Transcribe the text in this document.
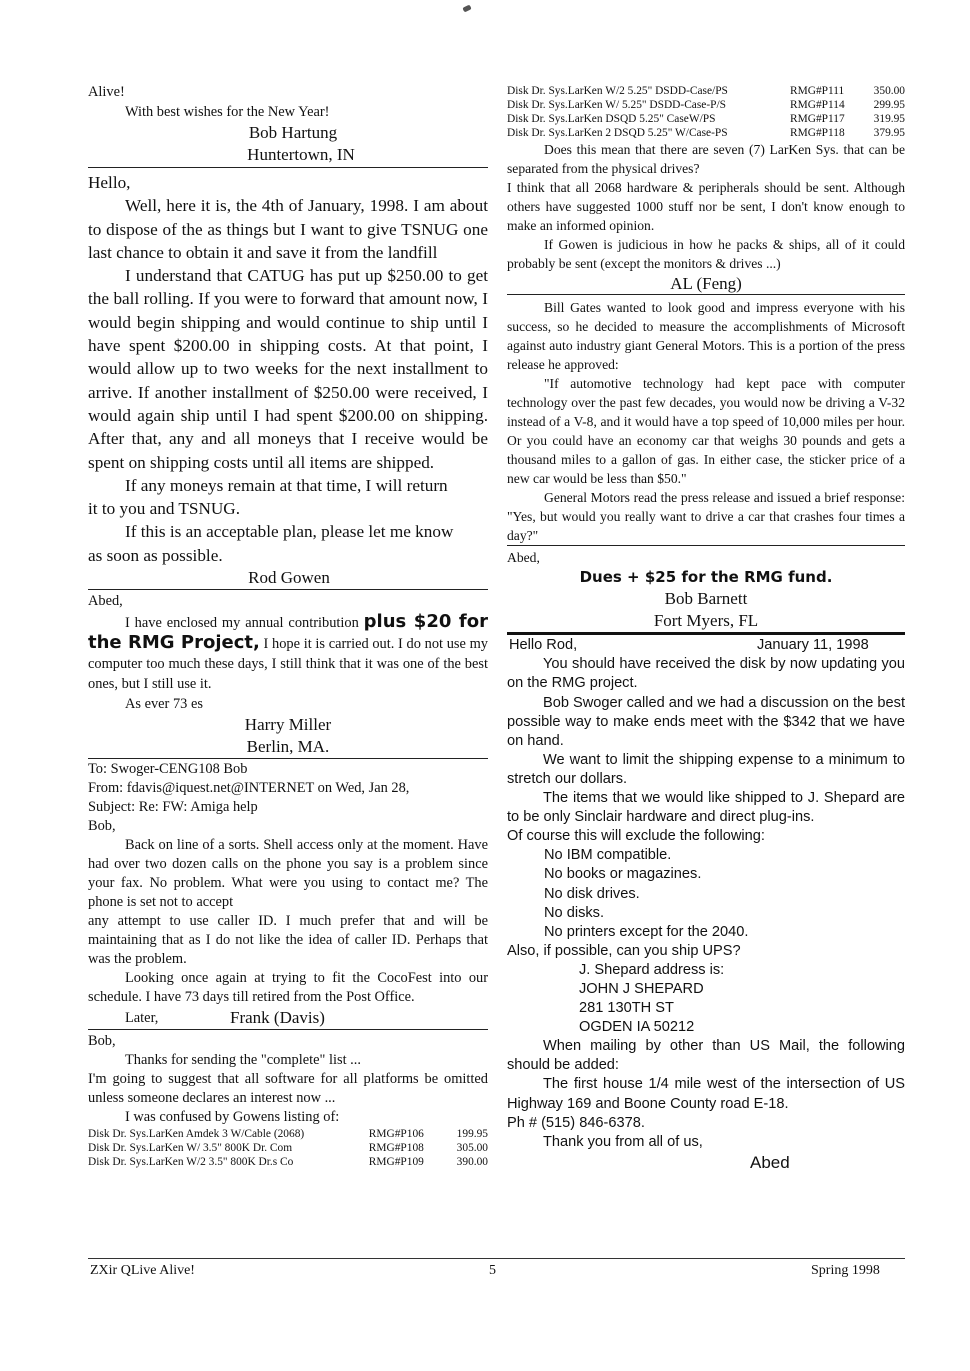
Alive!

With best wishes for the New Year!

Bob Hartung

Huntertown, IN

Hello,

Well, here it is, the 4th of January, 1998. I am about to dispose of the as things but I want to give TSNUG one last chance to obtain it and save it from the landfill

I understand that CATUG has put up $250.00 to get the ball rolling. If you were to forward that amount now, I would begin shipping and would continue to ship until I have spent $200.00 in shipping costs. At that point, I would allow up to two weeks for the next installment to arrive. If another installment of $250.00 were received, I would again ship until I had spent $200.00 on shipping. After that, any and all moneys that I receive would be spent on shipping costs until all items are shipped.

If any moneys remain at that time, I will return it to you and TSNUG.

If this is an acceptable plan, please let me know as soon as possible.

Rod Gowen

Abed,

I have enclosed my annual contribution plus $20 for the RMG Project, I hope it is carried out. I do not use my computer too much these days, I still think that it was one of the best ones, but I still use it.

As ever 73 es

Harry Miller

Berlin, MA.

To: Swoger-CENG108 Bob

From: fdavis@iquest.net@INTERNET on Wed, Jan 28,

Subject: Re: FW: Amiga help

Bob,

Back on line of a sorts. Shell access only at the moment. Have had over two dozen calls on the phone you say is a problem since your fax. No problem. What were you using to contact me? The phone is set not to accept

any attempt to use caller ID. I much prefer that and will be maintaining that as I do not like the idea of caller ID. Perhaps that was the problem.

Looking once again at trying to fit the CocoFest into our schedule. I have 73 days till retired from the Post Office.

Later,	Frank (Davis)

Bob,

Thanks for sending the "complete" list ...

I'm going to suggest that all software for all platforms be omitted unless someone declares an interest now ...

I was confused by Gowens listing of:

Disk Dr. Sys.LarKen Amdek 3 W/Cable (2068)	RMG#P106	199.95
Disk Dr. Sys.LarKen W/ 3.5" 800K Dr. Com	RMG#P108	305.00
Disk Dr. Sys.LarKen W/2 3.5" 800K Dr.s Co	RMG#P109	390.00
Disk Dr. Sys.LarKen W/2 5.25" DSDD-Case/PS	RMG#P111	350.00
Disk Dr. Sys.LarKen W/ 5.25" DSDD-Case-P/S	RMG#P114	299.95
Disk Dr. Sys.LarKen DSQD 5.25" CaseW/PS	RMG#P117	319.95
Disk Dr. Sys.LarKen 2 DSQD 5.25" W/Case-PS	RMG#P118	379.95

Does this mean that there are seven (7) LarKen Sys. that can be separated from the physical drives?

I think that all 2068 hardware & peripherals should be sent. Although others have suggested 1000 stuff nor be sent, I don't know enough to make an informed opinion.

If Gowen is judicious in how he packs & ships, all of it could probably be sent (except the monitors & drives ...)

AL (Feng)

Bill Gates wanted to look good and impress everyone with his success, so he decided to measure the accomplishments of Microsoft against auto industry giant General Motors. This is a portion of the press release he approved:

"If automotive technology had kept pace with computer technology over the past few decades, you would now be driving a V-32 instead of a V-8, and it would have a top speed of 10,000 miles per hour. Or you could have an economy car that weighs 30 pounds and gets a thousand miles to a gallon of gas. In either case, the sticker price of a new car would be less than $50."

General Motors read the press release and issued a brief response: "Yes, but would you really want to drive a car that crashes four times a day?"

Abed,

Dues + $25 for the RMG fund.

Bob Barnett

Fort Myers, FL

Hello Rod,	January 11, 1998

You should have received the disk by now updating you on the RMG project.

Bob Swoger called and we had a discussion on the best possible way to make ends meet with the $342 that we have on hand.

We want to limit the shipping expense to a minimum to stretch our dollars.

The items that we would like shipped to J. Shepard are to be only Sinclair hardware and direct plug-ins.

Of course this will exclude the following:

No IBM compatible.

No books or magazines.

No disk drives.

No disks.

No printers except for the 2040.

Also, if possible, can you ship UPS?

J. Shepard address is:

JOHN J SHEPARD

281 130TH ST

OGDEN IA 50212

When mailing by other than US Mail, the following should be added:

The first house 1/4 mile west of the intersection of US Highway 169 and Boone County road E-18.

Ph # (515) 846-6378.

Thank you from all of us,

Abed

ZXir QLive Alive!	5	Spring 1998
